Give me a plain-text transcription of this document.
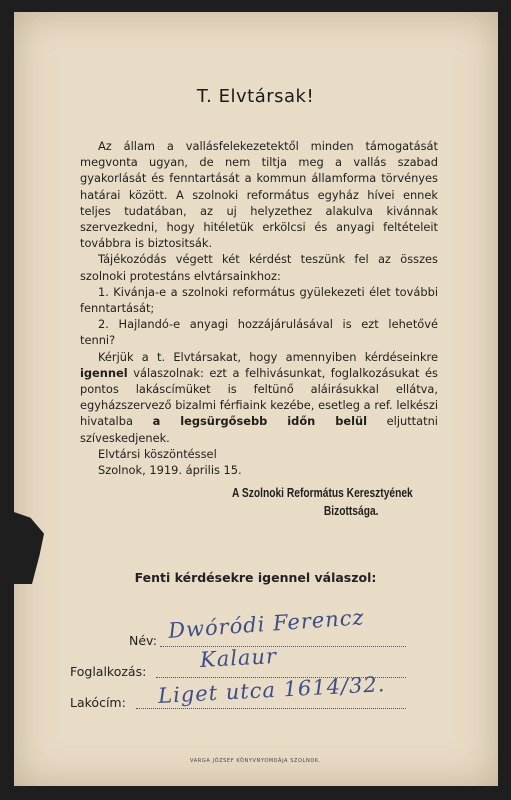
T. Elvtársak!

Az állam a vallásfelekezetektől minden támogatását megvonta ugyan, de nem tiltja meg a vallás szabad gyakorlását és fenntartását a kommun államforma törvényes határai között. A szolnoki református egyház hívei ennek teljes tudatában, az uj helyzethez alakulva kivánnak szervezkedni, hogy hitéletük erkölcsi és anyagi feltételeit továbbra is biztositsák.

Tájékozódás végett két kérdést teszünk fel az összes szolnoki protestáns elvtársainkhoz:

1. Kivánja-e a szolnoki református gyülekezeti élet további fenntartását;

2. Hajlandó-e anyagi hozzájárulásával is ezt lehetővé tenni?

Kérjük a t. Elvtársakat, hogy amennyiben kérdéseinkre igennel válaszolnak: ezt a felhivásunkat, foglalkozásukat és pontos lakáscímüket is feltünő aláirásukkal ellátva, egyházszervező bizalmi férfiaink kezébe, esetleg a ref. lelkészi hivatalba a legsürgősebb időn belül eljuttatni szíveskedjenek.

Elvtársi köszöntéssel

Szolnok, 1919. április 15.

A Szolnoki Református Keresztyének
Bizottsága.
Fenti kérdésekre igennel válaszol:
Név: Dwóródi Ferencz
Foglalkozás:	Kalaur
Lakócím: Liget utca 1614/32.
VARGA JÓZSEF KÖNYVNYOMDÁJA SZOLNOK.
